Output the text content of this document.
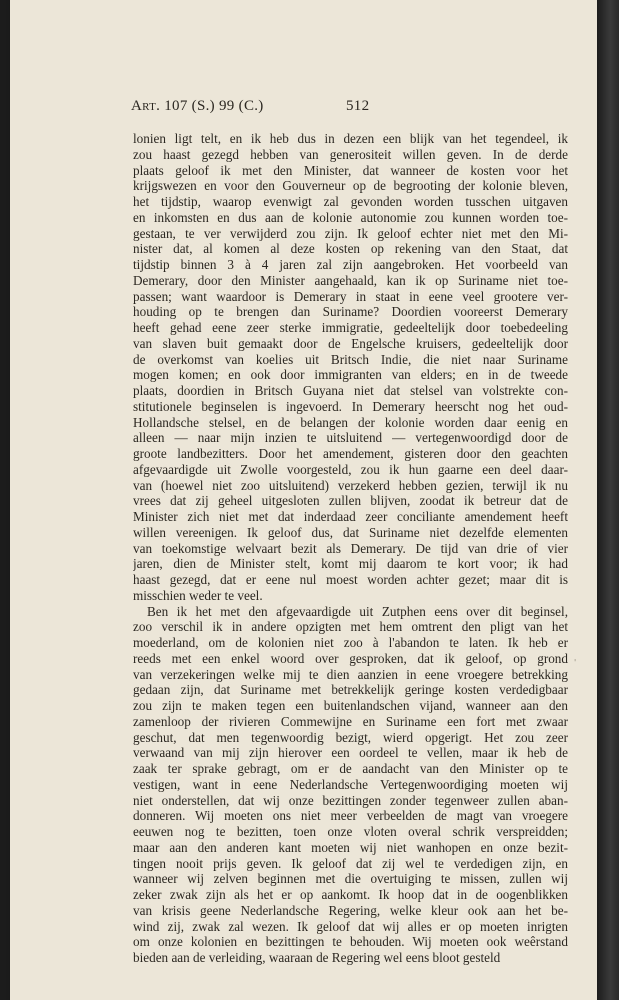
Art. 107 (S.) 99 (C.)	512
lonien ligt telt, en ik heb dus in dezen een blijk van het tegendeel, ik
zou haast gezegd hebben van generositeit willen geven. In de derde
plaats geloof ik met den Minister, dat wanneer de kosten voor het
krijgswezen en voor den Gouverneur op de begrooting der kolonie bleven,
het tijdstip, waarop evenwigt zal gevonden worden tusschen uitgaven
en inkomsten en dus aan de kolonie autonomie zou kunnen worden toe-
gestaan, te ver verwijderd zou zijn. Ik geloof echter niet met den Mi-
nister dat, al komen al deze kosten op rekening van den Staat, dat
tijdstip binnen 3 à 4 jaren zal zijn aangebroken. Het voorbeeld van
Demerary, door den Minister aangehaald, kan ik op Suriname niet toe-
passen; want waardoor is Demerary in staat in eene veel grootere ver-
houding op te brengen dan Suriname? Doordien vooreerst Demerary
heeft gehad eene zeer sterke immigratie, gedeeltelijk door toebedeeling
van slaven buit gemaakt door de Engelsche kruisers, gedeeltelijk door
de overkomst van koelies uit Britsch Indie, die niet naar Suriname
mogen komen; en ook door immigranten van elders; en in de tweede
plaats, doordien in Britsch Guyana niet dat stelsel van volstrekte con-
stitutionele beginselen is ingevoerd. In Demerary heerscht nog het oud-
Hollandsche stelsel, en de belangen der kolonie worden daar eenig en
alleen — naar mijn inzien te uitsluitend — vertegenwoordigd door de
groote landbezitters. Door het amendement, gisteren door den geachten
afgevaardigde uit Zwolle voorgesteld, zou ik hun gaarne een deel daar-
van (hoewel niet zoo uitsluitend) verzekerd hebben gezien, terwijl ik nu
vrees dat zij geheel uitgesloten zullen blijven, zoodat ik betreur dat de
Minister zich niet met dat inderdaad zeer conciliante amendement heeft
willen vereenigen. Ik geloof dus, dat Suriname niet dezelfde elementen
van toekomstige welvaart bezit als Demerary. De tijd van drie of vier
jaren, dien de Minister stelt, komt mij daarom te kort voor; ik had
haast gezegd, dat er eene nul moest worden achter gezet; maar dit is
misschien weder te veel.
Ben ik het met den afgevaardigde uit Zutphen eens over dit beginsel,
zoo verschil ik in andere opzigten met hem omtrent den pligt van het
moederland, om de kolonien niet zoo à l'abandon te laten. Ik heb er
reeds met een enkel woord over gesproken, dat ik geloof, op grond
van verzekeringen welke mij te dien aanzien in eene vroegere betrekking
gedaan zijn, dat Suriname met betrekkelijk geringe kosten verdedigbaar
zou zijn te maken tegen een buitenlandschen vijand, wanneer aan den
zamenloop der rivieren Commewijne en Suriname een fort met zwaar
geschut, dat men tegenwoordig bezigt, wierd opgerigt. Het zou zeer
verwaand van mij zijn hierover een oordeel te vellen, maar ik heb de
zaak ter sprake gebragt, om er de aandacht van den Minister op te
vestigen, want in eene Nederlandsche Vertegenwoordiging moeten wij
niet onderstellen, dat wij onze bezittingen zonder tegenweer zullen aban-
donneren. Wij moeten ons niet meer verbeelden de magt van vroegere
eeuwen nog te bezitten, toen onze vloten overal schrik verspreidden;
maar aan den anderen kant moeten wij niet wanhopen en onze bezit-
tingen nooit prijs geven. Ik geloof dat zij wel te verdedigen zijn, en
wanneer wij zelven beginnen met die overtuiging te missen, zullen wij
zeker zwak zijn als het er op aankomt. Ik hoop dat in de oogenblikken
van krisis geene Nederlandsche Regering, welke kleur ook aan het be-
wind zij, zwak zal wezen. Ik geloof dat wij alles er op moeten inrigten
om onze kolonien en bezittingen te behouden. Wij moeten ook weêrstand
bieden aan de verleiding, waaraan de Regering wel eens bloot gesteld
'
